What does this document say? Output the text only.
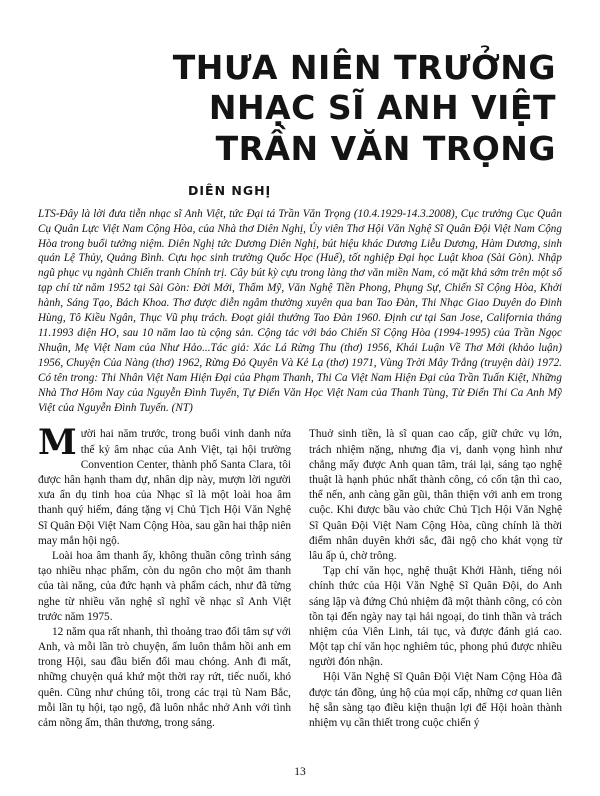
THƯA NIÊN TRƯỞNG
NHẠC SĨ ANH VIỆT
TRẦN VĂN TRỌNG
DIÊN NGHỊ

LTS-Đây là lời đưa tiễn nhạc sĩ Anh Việt, tức Đại tá Trần Văn Trọng (10.4.1929-14.3.2008), Cục trưởng Cục Quân Cụ Quân Lực Việt Nam Cộng Hòa, của Nhà thơ Diên Nghị, Ủy viên Thơ Hội Văn Nghệ Sĩ Quân Đội Việt Nam Cộng Hòa trong buổi tưởng niệm. Diên Nghị tức Dương Diên Nghị, bút hiệu khác Dương Liễu Dương, Hàm Dương, sinh quán Lệ Thủy, Quảng Bình. Cựu học sinh trường Quốc Học (Huế), tốt nghiệp Đại học Luật khoa (Sài Gòn). Nhập ngũ phục vụ ngành Chiến tranh Chính trị. Cây bút kỳ cựu trong làng thơ văn miền Nam, có mặt khá sớm trên một số tạp chí từ năm 1952 tại Sài Gòn: Đời Mới, Thẩm Mỹ, Văn Nghệ Tiền Phong, Phụng Sự, Chiến Sĩ Cộng Hòa, Khởi hành, Sáng Tạo, Bách Khoa. Thơ được diễn ngâm thường xuyên qua ban Tao Đàn, Thi Nhạc Giao Duyên do Đinh Hùng, Tô Kiều Ngân, Thục Vũ phụ trách. Đoạt giải thưởng Tao Đàn 1960. Định cư tại San Jose, California tháng 11.1993 diện HO, sau 10 năm lao tù cộng sản. Cộng tác với báo Chiến Sĩ Cộng Hòa (1994-1995) của Trần Ngọc Nhuận, Mẹ Việt Nam của Như Hảo...Tác giả: Xác Lá Rừng Thu (thơ) 1956, Khái Luận Về Thơ Mới (khảo luận) 1956, Chuyện Của Nàng (thơ) 1962, Rừng Đỏ Quyên Và Kẻ Lạ (thơ) 1971, Vùng Trời Mây Trắng (truyện dài) 1972. Có tên trong: Thi Nhân Việt Nam Hiện Đại của Phạm Thanh, Thi Ca Việt Nam Hiện Đại của Trần Tuấn Kiệt, Những Nhà Thơ Hôm Nay của Nguyễn Đình Tuyến, Tự Điển Văn Học Việt Nam của Thanh Tùng, Từ Điển Thi Ca Anh Mỹ Việt của Nguyễn Đình Tuyến. (NT)

Mười hai năm trước, trong buổi vinh danh nửa thế kỷ âm nhạc của Anh Việt, tại hội trường Convention Center, thành phố Santa Clara, tôi được hân hạnh tham dự, nhân dịp này, mượn lời người xưa ẩn dụ tinh hoa của Nhạc sĩ là một loài hoa âm thanh quý hiếm, đáng tặng vị Chủ Tịch Hội Văn Nghệ Sĩ Quân Đội Việt Nam Cộng Hòa, sau gần hai thập niên may mắn hội ngộ.

Loài hoa âm thanh ấy, không thuần công trình sáng tạo nhiều nhạc phẩm, còn du ngôn cho một âm thanh của tài năng, của đức hạnh và phẩm cách, như đã từng nghe từ nhiều văn nghệ sĩ nghĩ về nhạc sĩ Anh Việt trước năm 1975.

12 năm qua rất nhanh, thì thoảng trao đổi tâm sự với Anh, và mỗi lần trò chuyện, ấm luôn thắm hồi anh em trong Hội, sau đầu biến đổi mau chóng. Anh đi mất, những chuyện quá khứ một thời ray rứt, tiếc nuối, khó quên. Cũng như chúng tôi, trong các trại tù Nam Bắc, mỗi lần tụ hội, tạo ngộ, đã luôn nhắc nhở Anh với tình cảm nồng ấm, thân thương, trong sáng.

Thuở sinh tiền, là sĩ quan cao cấp, giữ chức vụ lớn, trách nhiệm nặng, nhưng địa vị, danh vọng hình như chẳng mấy được Anh quan tâm, trái lại, sáng tạo nghệ thuật là hạnh phúc nhất thành công, có cốn tận thì cao, thể nến, anh càng gần gũi, thân thiện với anh em trong cuộc. Khi được bầu vào chức Chủ Tịch Hội Văn Nghệ Sĩ Quân Đội Việt Nam Cộng Hòa, cũng chính là thời điểm nhân duyên khởi sắc, đãi ngộ cho khát vọng từ lâu ấp ủ, chờ trông.

Tạp chí văn học, nghệ thuật Khởi Hành, tiếng nói chính thức của Hội Văn Nghệ Sĩ Quân Đội, do Anh sáng lập và đứng Chủ nhiệm đã một thành công, có còn tồn tại đến ngày nay tại hải ngoại, do tinh thần và trách nhiệm của Viên Linh, tái tục, và được đánh giá cao. Một tạp chí văn học nghiêm túc, phong phú được nhiều người đón nhận.

Hội Văn Nghệ Sĩ Quân Đội Việt Nam Cộng Hòa đã được tán đồng, ủng hộ của mọi cấp, những cơ quan liên hệ sẵn sàng tạo điều kiện thuận lợi để Hội hoàn thành nhiệm vụ cần thiết trong cuộc chiến ý

13
